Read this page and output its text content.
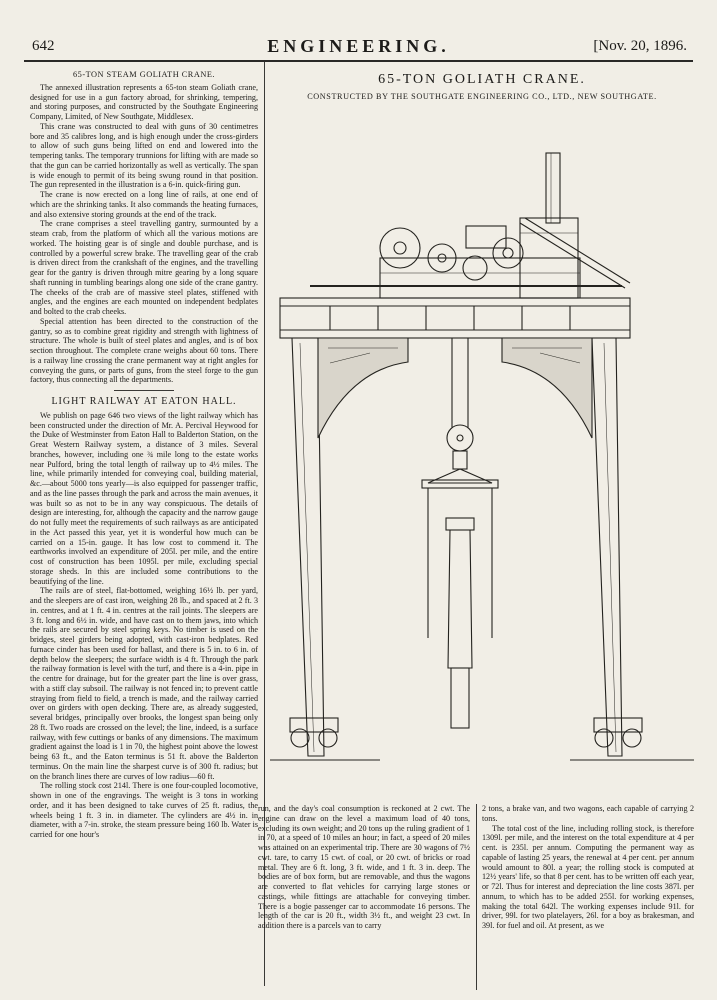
642	ENGINEERING.	[Nov. 20, 1896.
65-TON STEAM GOLIATH CRANE.

The annexed illustration represents a 65-ton steam Goliath crane, designed for use in a gun factory abroad, for shrinking, tempering, and storing purposes, and constructed by the Southgate Engineering Company, Limited, of New Southgate, Middlesex.

This crane was constructed to deal with guns of 30 centimetres bore and 35 calibres long, and is high enough under the cross-girders to allow of such guns being lifted on end and lowered into the tempering tanks. The temporary trunnions for lifting with are made so that the gun can be carried horizontally as well as vertically. The span is wide enough to permit of its being swung round in that position. The gun represented in the illustration is a 6-in. quick-firing gun.

The crane is now erected on a long line of rails, at one end of which are the shrinking tanks. It also commands the heating furnaces, and also extensive storing grounds at the end of the track.

The crane comprises a steel travelling gantry, surmounted by a steam crab, from the platform of which all the various motions are worked. The hoisting gear is of single and double purchase, and is controlled by a powerful screw brake. The travelling gear of the crab is driven direct from the crankshaft of the engines, and the travelling gear for the gantry is driven through mitre gearing by a long square shaft running in tumbling bearings along one side of the crane gantry. The cheeks of the crab are of massive steel plates, stiffened with angles, and the engines are each mounted on independent bedplates and bolted to the crab cheeks.

Special attention has been directed to the construction of the gantry, so as to combine great rigidity and strength with lightness of structure. The whole is built of steel plates and angles, and is of box section throughout. The complete crane weighs about 60 tons. There is a railway line crossing the crane permanent way at right angles for conveying the guns, or parts of guns, from the steel forge to the gun factory, thus connecting all the departments.

LIGHT RAILWAY AT EATON HALL.

We publish on page 646 two views of the light railway which has been constructed under the direction of Mr. A. Percival Heywood for the Duke of Westminster from Eaton Hall to Balderton Station, on the Great Western Railway system, a distance of 3 miles. Several branches, however, including one ¾ mile long to the estate works near Pulford, bring the total length of railway up to 4½ miles. The line, while primarily intended for conveying coal, building material, &c.—about 5000 tons yearly—is also equipped for passenger traffic, and as the line passes through the park and across the main avenues, it was built so as not to be in any way conspicuous. The details of design are interesting, for, although the capacity and the narrow gauge do not fully meet the requirements of such railways as are anticipated in the Act passed this year, yet it is wonderful how much can be carried on a 15-in. gauge. It has low cost to commend it. The earthworks involved an expenditure of 205l. per mile, and the entire cost of construction has been 1095l. per mile, excluding special storage sheds. In this are included some contributions to the beautifying of the line.

The rails are of steel, flat-bottomed, weighing 16½ lb. per yard, and the sleepers are of cast iron, weighing 28 lb., and spaced at 2 ft. 3 in. centres, and at 1 ft. 4 in. centres at the rail joints. The sleepers are 3 ft. long and 6½ in. wide, and have cast on to them jaws, into which the rails are secured by steel spring keys. No timber is used on the bridges, steel girders being adopted, with cast-iron bedplates. Red furnace cinder has been used for ballast, and there is 5 in. to 6 in. of depth below the sleepers; the surface width is 4 ft. Through the park the railway formation is level with the turf, and there is a 4-in. pipe in the centre for drainage, but for the greater part the line is over grass, with a stiff clay subsoil. The railway is not fenced in; to prevent cattle straying from field to field, a trench is made, and the railway carried over on girders with open decking. There are, as already suggested, several bridges, principally over brooks, the longest span being only 28 ft. Two roads are crossed on the level; the line, indeed, is a surface railway, with few cuttings or banks of any dimensions. The maximum gradient against the load is 1 in 70, the highest point above the lowest being 63 ft., and the Eaton terminus is 51 ft. above the Balderton terminus. On the main line the sharpest curve is of 300 ft. radius; but on the branch lines there are curves of low radius—60 ft.

The rolling stock cost 214l. There is one four-coupled locomotive, shown in one of the engravings. The weight is 3 tons in working order, and it has been designed to take curves of 25 ft. radius, the wheels being 1 ft. 3 in. in diameter. The cylinders are 4½ in. in diameter, with a 7-in. stroke, the steam pressure being 160 lb. Water is carried for one hour's

65-TON GOLIATH CRANE.
CONSTRUCTED BY THE SOUTHGATE ENGINEERING CO., LTD., NEW SOUTHGATE.

run, and the day's coal consumption is reckoned at 2 cwt. The engine can draw on the level a maximum load of 40 tons, excluding its own weight; and 20 tons up the ruling gradient of 1 in 70, at a speed of 10 miles an hour; in fact, a speed of 20 miles was attained on an experimental trip. There are 30 wagons of 7½ cwt. tare, to carry 15 cwt. of coal, or 20 cwt. of bricks or road metal. They are 6 ft. long, 3 ft. wide, and 1 ft. 3 in. deep. The bodies are of box form, but are removable, and thus the wagons are converted to flat vehicles for carrying large stones or castings, while fittings are attachable for conveying timber. There is a bogie passenger car to accommodate 16 persons. The length of the car is 20 ft., width 3½ ft., and weight 23 cwt. In addition there is a parcels van to carry

2 tons, a brake van, and two wagons, each capable of carrying 2 tons.

The total cost of the line, including rolling stock, is therefore 1309l. per mile, and the interest on the total expenditure at 4 per cent. is 235l. per annum. Computing the permanent way as capable of lasting 25 years, the renewal at 4 per cent. per annum would amount to 80l. a year; the rolling stock is computed at 12½ years' life, so that 8 per cent. has to be written off each year, or 72l. Thus for interest and depreciation the line costs 387l. per annum, to which has to be added 255l. for working expenses, making the total 642l. The working expenses include 91l. for driver, 99l. for two platelayers, 26l. for a boy as brakesman, and 39l. for fuel and oil. At present, as we
